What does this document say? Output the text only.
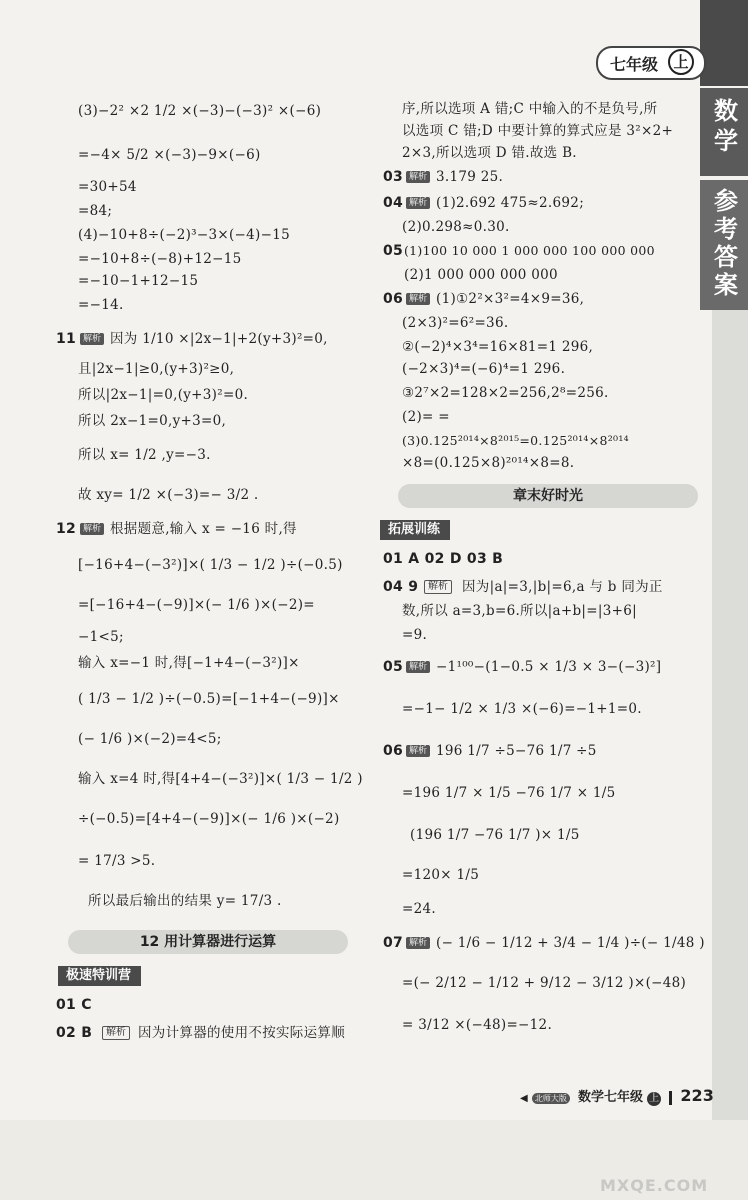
七年级	上
数学
参考答案
(3)−2² ×2 1/2 ×(−3)−(−3)² ×(−6)
=−4× 5/2 ×(−3)−9×(−6)
=30+54
=84;
(4)−10+8÷(−2)³−3×(−4)−15
=−10+8÷(−8)+12−15
=−10−1+12−15
=−14.
11 解析 因为 1/10 ×|2x−1|+2(y+3)²=0,
且|2x−1|≥0,(y+3)²≥0,
所以|2x−1|=0,(y+3)²=0.
所以 2x−1=0,y+3=0,
所以 x= 1/2 ,y=−3.
故 xy= 1/2 ×(−3)=− 3/2 .
12 解析 根据题意,输入 x = −16 时,得
[−16+4−(−3²)]×( 1/3 − 1/2 )÷(−0.5)
=[−16+4−(−9)]×(− 1/6 )×(−2)=
−1<5;
输入 x=−1 时,得[−1+4−(−3²)]×
( 1/3 − 1/2 )÷(−0.5)=[−1+4−(−9)]×
(− 1/6 )×(−2)=4<5;
输入 x=4 时,得[4+4−(−3²)]×( 1/3 − 1/2 )
÷(−0.5)=[4+4−(−9)]×(− 1/6 )×(−2)
= 17/3 >5.
所以最后输出的结果 y= 17/3 .
12 用计算器进行运算
极速特训营
01 C
02 B	解析 因为计算器的使用不按实际运算顺
序,所以选项 A 错;C 中输入的不是负号,所
以选项 C 错;D 中要计算的算式应是 3²×2+
2×3,所以选项 D 错.故选 B.
03 解析 3.179 25.
04 解析 (1)2.692 475≈2.692;
(2)0.298≈0.30.
05 (1)100 10 000 1 000 000 100 000 000
(2)1 000 000 000 000
06 解析 (1)①2²×3²=4×9=36,
(2×3)²=6²=36.
②(−2)⁴×3⁴=16×81=1 296,
(−2×3)⁴=(−6)⁴=1 296.
③2⁷×2=128×2=256,2⁸=256.
(2)= =
(3)0.125²⁰¹⁴×8²⁰¹⁵=0.125²⁰¹⁴×8²⁰¹⁴
×8=(0.125×8)²⁰¹⁴×8=8.
章末好时光
拓展训练
01 A 02 D 03 B
04 9 解析 因为|a|=3,|b|=6,a 与 b 同为正
数,所以 a=3,b=6.所以|a+b|=|3+6|
=9.
05 解析 −1¹⁰⁰−(1−0.5 × 1/3 × 3−(−3)²]
=−1− 1/2 × 1/3 ×(−6)=−1+1=0.
06 解析 196 1/7 ÷5−76 1/7 ÷5
=196 1/7 × 1/5 −76 1/7 × 1/5
(196 1/7 −76 1/7 )× 1/5
=120× 1/5
=24.
07 解析 (− 1/6 − 1/12 + 3/4 − 1/4 )÷(− 1/48 )
=(− 2/12 − 1/12 + 9/12 − 3/12 )×(−48)
= 3/12 ×(−48)=−12.
◀ 北师大版 数学七年级 上 223
MXQE.COM
